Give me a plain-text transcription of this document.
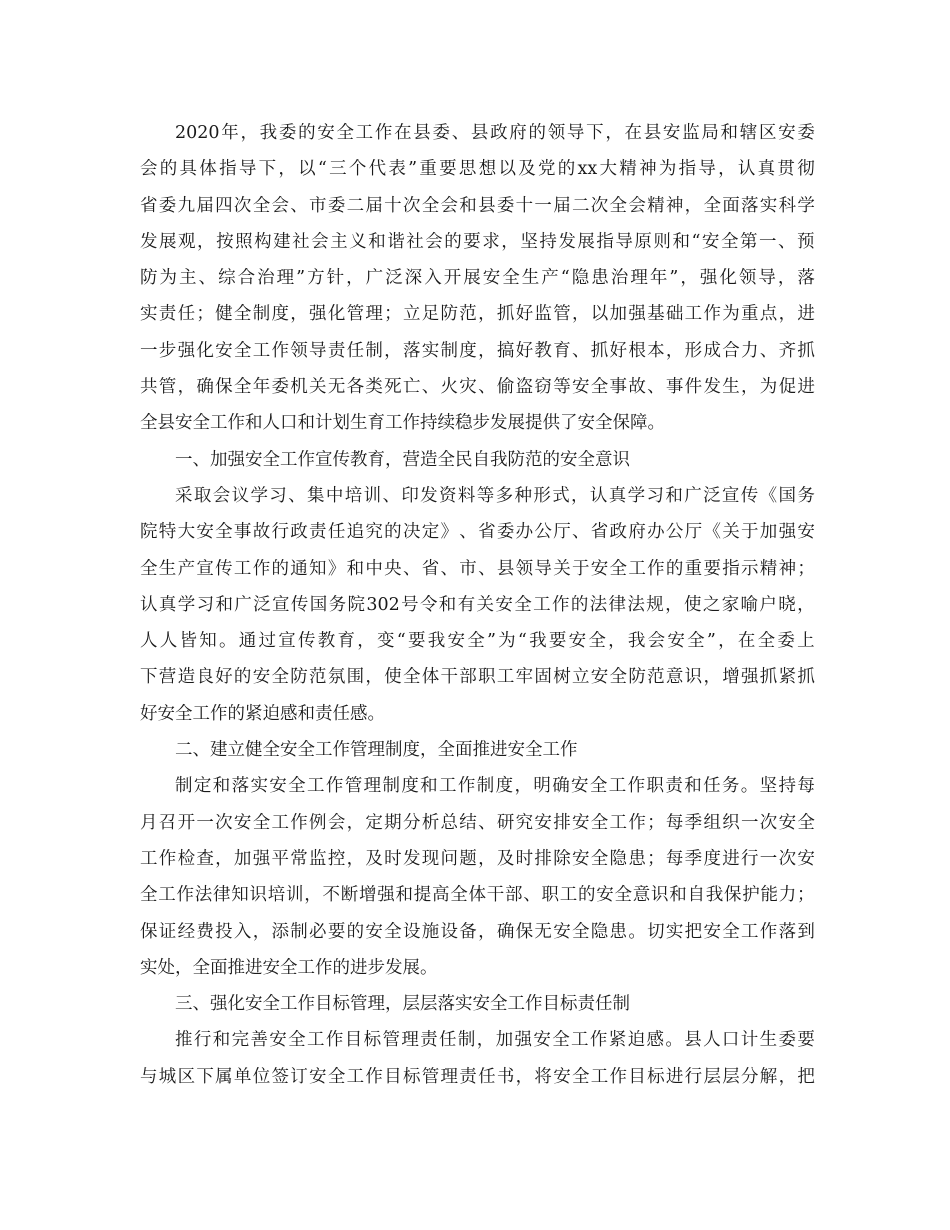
2020 年 ， 我 委 的 安 全 工 作 在 县 委 、 县 政 府 的 领 导 下 ， 在 县 安 监 局 和 辖 区 安 委
会 的 具 体 指 导 下 ， 以 “ 三 个 代 表 ” 重 要 思 想 以 及 党 的 xx 大 精 神 为 指 导 ， 认 真 贯 彻
省 委 九 届 四 次 全 会 、 市 委 二 届 十 次 全 会 和 县 委 十 一 届 二 次 全 会 精 神 ， 全 面 落 实 科 学
发 展 观 ， 按 照 构 建 社 会 主 义 和 谐 社 会 的 要 求 ， 坚 持 发 展 指 导 原 则 和 “ 安 全 第 一 、 预
防 为 主 、 综 合 治 理 ” 方 针 ， 广 泛 深 入 开 展 安 全 生 产 “ 隐 患 治 理 年 ” ， 强 化 领 导 ， 落
实 责 任 ； 健 全 制 度 ， 强 化 管 理 ； 立 足 防 范 ， 抓 好 监 管 ， 以 加 强 基 础 工 作 为 重 点 ， 进
一 步 强 化 安 全 工 作 领 导 责 任 制 ， 落 实 制 度 ， 搞 好 教 育 、 抓 好 根 本 ， 形 成 合 力 、 齐 抓
共 管 ， 确 保 全 年 委 机 关 无 各 类 死 亡 、 火 灾 、 偷 盗 窃 等 安 全 事 故 、 事 件 发 生 ， 为 促 进
全县安全工作和人口和计划生育工作持续稳步发展提供了安全保障。
一、加强安全工作宣传教育，营造全民自我防范的安全意识
采 取 会 议 学 习 、 集 中 培 训 、 印 发 资 料 等 多 种 形 式 ， 认 真 学 习 和 广 泛 宣 传 《 国 务
院 特 大 安 全 事 故 行 政 责 任 追 究 的 决 定 》 、 省 委 办 公 厅 、 省 政 府 办 公 厅 《 关 于 加 强 安
全 生 产 宣 传 工 作 的 通 知 》 和 中 央 、 省 、 市 、 县 领 导 关 于 安 全 工 作 的 重 要 指 示 精 神 ；
认 真 学 习 和 广 泛 宣 传 国 务 院 302 号 令 和 有 关 安 全 工 作 的 法 律 法 规 ， 使 之 家 喻 户 晓 ，
人 人 皆 知 。 通 过 宣 传 教 育 ， 变 “ 要 我 安 全 ” 为 “ 我 要 安 全 ， 我 会 安 全 ” ， 在 全 委 上
下 营 造 良 好 的 安 全 防 范 氛 围 ， 使 全 体 干 部 职 工 牢 固 树 立 安 全 防 范 意 识 ， 增 强 抓 紧 抓
好安全工作的紧迫感和责任感。
二、建立健全安全工作管理制度，全面推进安全工作
制 定 和 落 实 安 全 工 作 管 理 制 度 和 工 作 制 度 ， 明 确 安 全 工 作 职 责 和 任 务 。 坚 持 每
月 召 开 一 次 安 全 工 作 例 会 ， 定 期 分 析 总 结 、 研 究 安 排 安 全 工 作 ； 每 季 组 织 一 次 安 全
工 作 检 查 ， 加 强 平 常 监 控 ， 及 时 发 现 问 题 ， 及 时 排 除 安 全 隐 患 ； 每 季 度 进 行 一 次 安
全 工 作 法 律 知 识 培 训 ， 不 断 增 强 和 提 高 全 体 干 部 、 职 工 的 安 全 意 识 和 自 我 保 护 能 力 ；
保 证 经 费 投 入 ， 添 制 必 要 的 安 全 设 施 设 备 ， 确 保 无 安 全 隐 患 。 切 实 把 安 全 工 作 落 到
实处，全面推进安全工作的进步发展。
三、强化安全工作目标管理，层层落实安全工作目标责任制
推 行 和 完 善 安 全 工 作 目 标 管 理 责 任 制 ， 加 强 安 全 工 作 紧 迫 感 。 县 人 口 计 生 委 要
与 城 区 下 属 单 位 签 订 安 全 工 作 目 标 管 理 责 任 书 ， 将 安 全 工 作 目 标 进 行 层 层 分 解 ， 把
